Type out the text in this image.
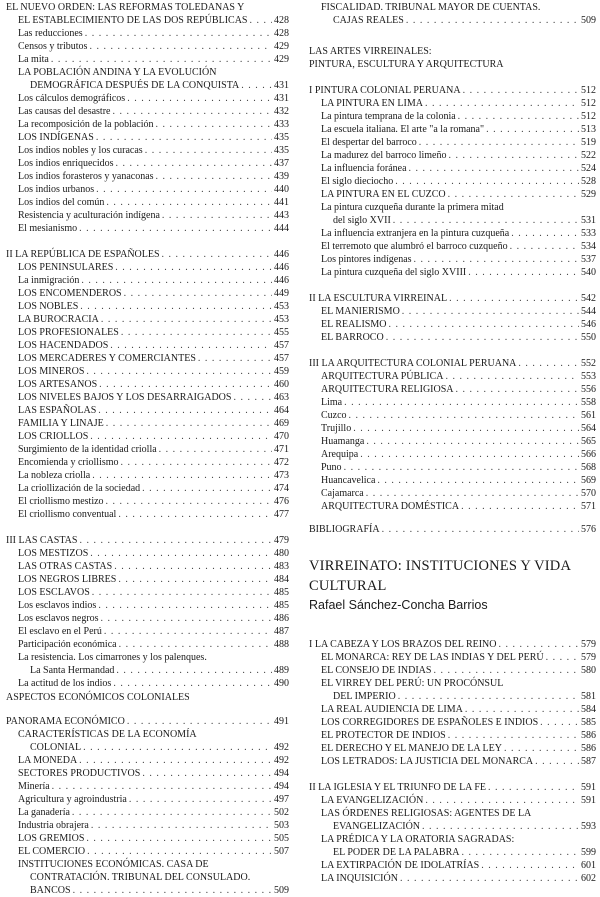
EL NUEVO ORDEN: LAS REFORMAS TOLEDANAS Y
EL ESTABLECIMIENTO DE LAS DOS REPÚBLICAS . . .	428
Las reducciones . . .	428
Censos y tributos . . .	429
La mita . . .	429
LA POBLACIÓN ANDINA Y LA EVOLUCIÓN
DEMOGRÁFICA DESPUÉS DE LA CONQUISTA . . .	431
Los cálculos demográficos . . .	431
Las causas del desastre . . .	432
La recomposición de la población . . .	433
LOS INDÍGENAS . . .	435
Los indios nobles y los curacas . . .	435
Los indios enriquecidos . . .	437
Los indios forasteros y yanaconas . . .	439
Los indios urbanos . . .	440
Los indios del común . . .	441
Resistencia y aculturación indígena . . .	443
El mesianismo . . .	444
II LA REPÚBLICA DE ESPAÑOLES . . .	446
LOS PENINSULARES . . .	446
La inmigración . . .	446
LOS ENCOMENDEROS . . .	449
LOS NOBLES . . .	453
LA BUROCRACIA . . .	453
LOS PROFESIONALES . . .	455
LOS HACENDADOS . . .	457
LOS MERCADERES Y COMERCIANTES . . .	457
LOS MINEROS . . .	459
LOS ARTESANOS . . .	460
LOS NIVELES BAJOS Y LOS DESARRAIGADOS . . .	463
LAS ESPAÑOLAS . . .	464
FAMILIA Y LINAJE . . .	469
LOS CRIOLLOS . . .	470
Surgimiento de la identidad criolla . . .	471
Encomienda y criollismo . . .	472
La nobleza criolla . . .	473
La criollización de la sociedad . . .	474
El criollismo mestizo . . .	476
El criollismo conventual . . .	477
III LAS CASTAS . . .	479
LOS MESTIZOS . . .	480
LAS OTRAS CASTAS . . .	483
LOS NEGROS LIBRES . . .	484
LOS ESCLAVOS . . .	485
Los esclavos indios . . .	485
Los esclavos negros . . .	486
El esclavo en el Perú . . .	487
Participación económica . . .	488
La resistencia. Los cimarrones y los palenques.
La Santa Hermandad . . .	489
La actitud de los indios . . .	490
ASPECTOS ECONÓMICOS COLONIALES
PANORAMA ECONÓMICO . . .	491
CARACTERÍSTICAS DE LA ECONOMÍA
COLONIAL . . .	492
LA MONEDA . . .	492
SECTORES PRODUCTIVOS . . .	494
Minería . . .	494
Agricultura y agroindustria . . .	497
La ganadería . . .	502
Industria obrajera . . .	503
LOS GREMIOS . . .	505
EL COMERCIO . . .	507
INSTITUCIONES ECONÓMICAS. CASA DE
CONTRATACIÓN. TRIBUNAL DEL CONSULADO.
BANCOS . . .	509
VIRREINATO: INSTITUCIONES Y VIDA
CULTURAL
Rafael Sánchez-Concha Barrios
FISCALIDAD. TRIBUNAL MAYOR DE CUENTAS.
CAJAS REALES . . .	509
LAS ARTES VIRREINALES:
PINTURA, ESCULTURA Y ARQUITECTURA
I PINTURA COLONIAL PERUANA . . .	512
LA PINTURA EN LIMA . . .	512
La pintura temprana de la colonia . . .	512
La escuela italiana. El arte "a la romana" . . .	513
El despertar del barroco . . .	519
La madurez del barroco limeño . . .	522
La influencia foránea . . .	524
El siglo dieciocho . . .	528
LA PINTURA EN EL CUZCO . . .	529
La pintura cuzqueña durante la primera mitad
del siglo XVII . . .	531
La influencia extranjera en la pintura cuzqueña . . .	533
El terremoto que alumbró el barroco cuzqueño . . .	534
Los pintores indígenas . . .	537
La pintura cuzqueña del siglo XVIII . . .	540
II LA ESCULTURA VIRREINAL . . .	542
EL MANIERISMO . . .	544
EL REALISMO . . .	546
EL BARROCO . . .	550
III LA ARQUITECTURA COLONIAL PERUANA . . .	552
ARQUITECTURA PÚBLICA . . .	553
ARQUITECTURA RELIGIOSA . . .	556
Lima . . .	558
Cuzco . . .	561
Trujillo . . .	564
Huamanga . . .	565
Arequipa . . .	566
Puno . . .	568
Huancavelica . . .	569
Cajamarca . . .	570
ARQUITECTURA DOMÉSTICA . . .	571
BIBLIOGRAFÍA . . .	576
I LA CABEZA Y LOS BRAZOS DEL REINO . . .	579
EL MONARCA: REY DE LAS INDIAS Y DEL PERÚ . . .	579
EL CONSEJO DE INDIAS . . .	580
EL VIRREY DEL PERÚ: UN PROCÓNSUL
DEL IMPERIO . . .	581
LA REAL AUDIENCIA DE LIMA . . .	584
LOS CORREGIDORES DE ESPAÑOLES E INDIOS . . .	585
EL PROTECTOR DE INDIOS . . .	586
EL DERECHO Y EL MANEJO DE LA LEY . . .	586
LOS LETRADOS: LA JUSTICIA DEL MONARCA . . .	587
II LA IGLESIA Y EL TRIUNFO DE LA FE . . .	591
LA EVANGELIZACIÓN . . .	591
LAS ÓRDENES RELIGIOSAS: AGENTES DE LA
EVANGELIZACIÓN . . .	593
LA PRÉDICA Y LA ORATORIA SAGRADAS:
EL PODER DE LA PALABRA . . .	599
LA EXTIRPACIÓN DE IDOLATRÍAS . . .	601
LA INQUISICIÓN . . .	602
